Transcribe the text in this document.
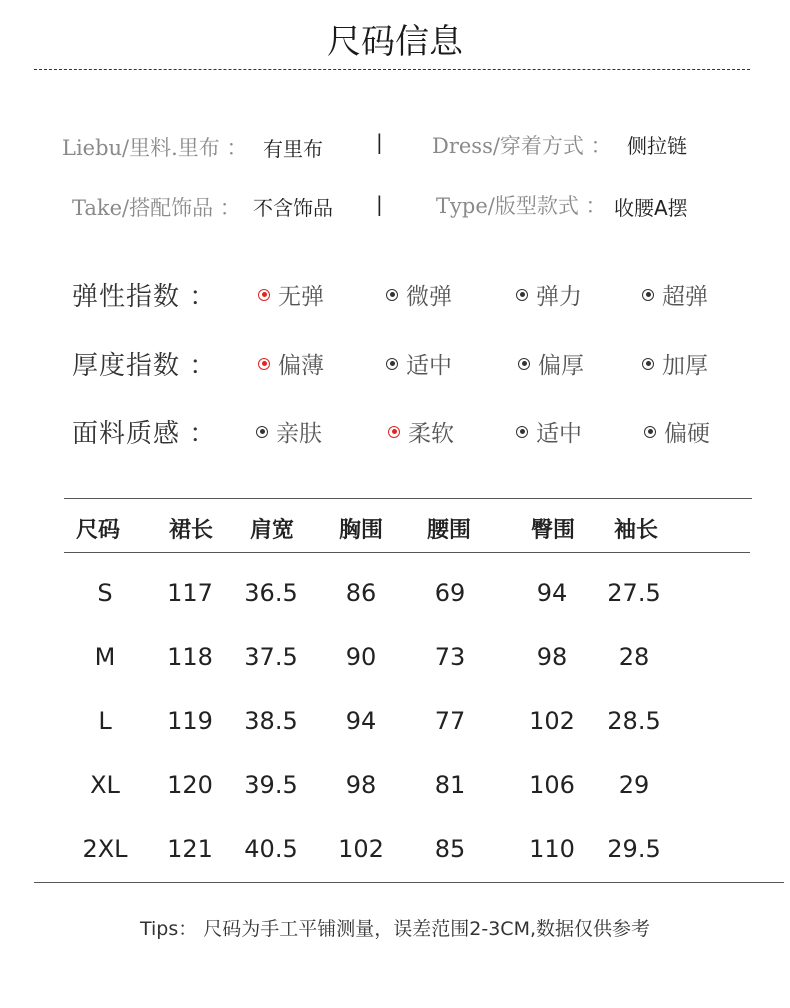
尺码信息
Liebu/里料.里布 ： 有里布	| Dress/穿着方式 ： 侧拉链
Take/搭配饰品 ： 不含饰品 |	Type/版型款式 ： 收腰A摆
弹性指数 ：	无弹	微弹	弹力	超弹
厚度指数 ：	偏薄	适中	偏厚	加厚
面料质感 ：	亲肤	柔软	适中	偏硬
尺码	裙长	肩宽	胸围	腰围	臀围	袖长
S	117	36.5	86	69	94	27.5
M	118	37.5	90	73	98	28
L	119	38.5	94	77	102	28.5
XL	120	39.5	98	81	106	29
2XL	121	40.5	102	85	110	29.5
Tips： 尺码为手工平铺测量，误差范围2-3CM,数据仅供参考
